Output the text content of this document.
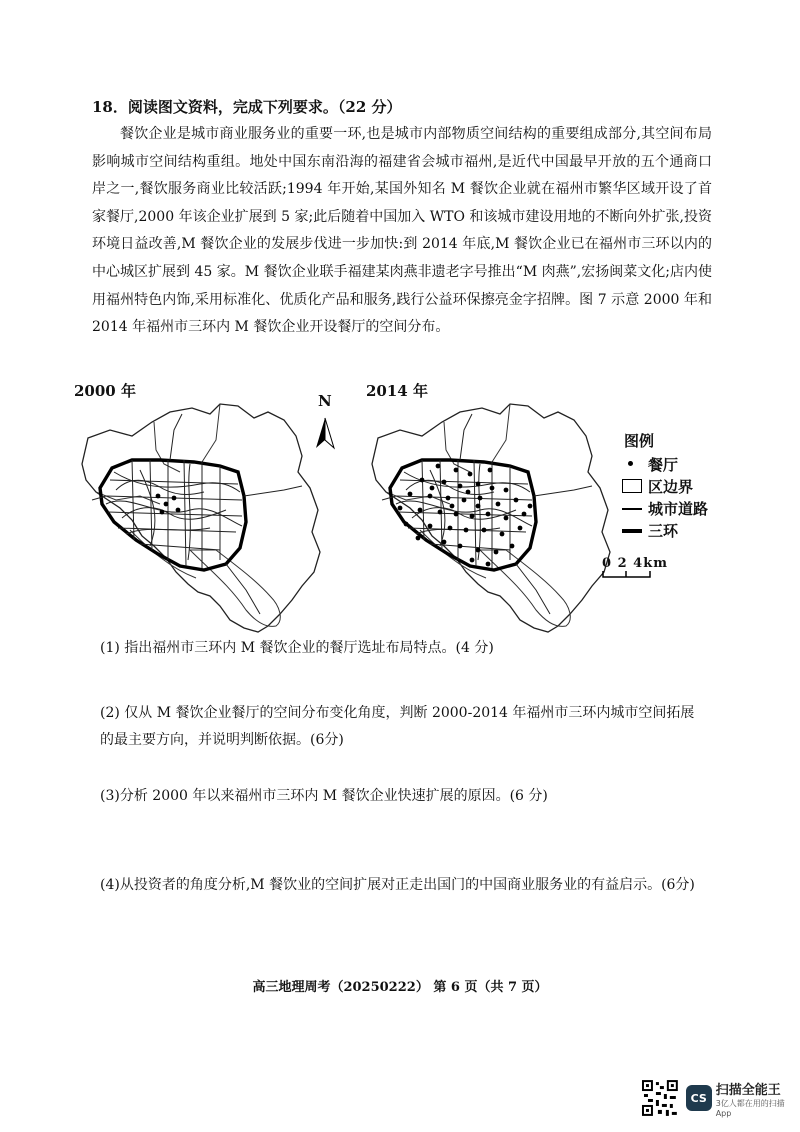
18．阅读图文资料，完成下列要求。（22 分）
餐饮企业是城市商业服务业的重要一环,也是城市内部物质空间结构的重要组成部分,其空间布局影响城市空间结构重组。地处中国东南沿海的福建省会城市福州,是近代中国最早开放的五个通商口岸之一,餐饮服务商业比较活跃;1994 年开始,某国外知名 M 餐饮企业就在福州市繁华区域开设了首家餐厅,2000 年该企业扩展到 5 家;此后随着中国加入 WTO 和该城市建设用地的不断向外扩张,投资环境日益改善,M 餐饮企业的发展步伐进一步加快:到 2014 年底,M 餐饮企业已在福州市三环以内的中心城区扩展到 45 家。M 餐饮企业联手福建某肉燕非遗老字号推出“M 肉燕”,宏扬闽菜文化;店内使用福州特色内饰,采用标准化、优质化产品和服务,践行公益环保擦亮金字招牌。图 7 示意 2000 年和 2014 年福州市三环内 M 餐饮企业开设餐厅的空间分布。
2000 年	2014 年
N
图例
餐厅
区边界
城市道路
三环
0 2 4km
(1) 指出福州市三环内 M 餐饮企业的餐厅选址布局特点。(4 分)
(2) 仅从 M 餐饮企业餐厅的空间分布变化角度，判断 2000-2014 年福州市三环内城市空间拓展的最主要方向，并说明判断依据。(6分)
(3)分析 2000 年以来福州市三环内 M 餐饮企业快速扩展的原因。(6 分)
(4)从投资者的角度分析,M 餐饮业的空间扩展对正走出国门的中国商业服务业的有益启示。(6分)
高三地理周考（20250222） 第 6 页（共 7 页）
CS
扫描全能王
3亿人都在用的扫描App
